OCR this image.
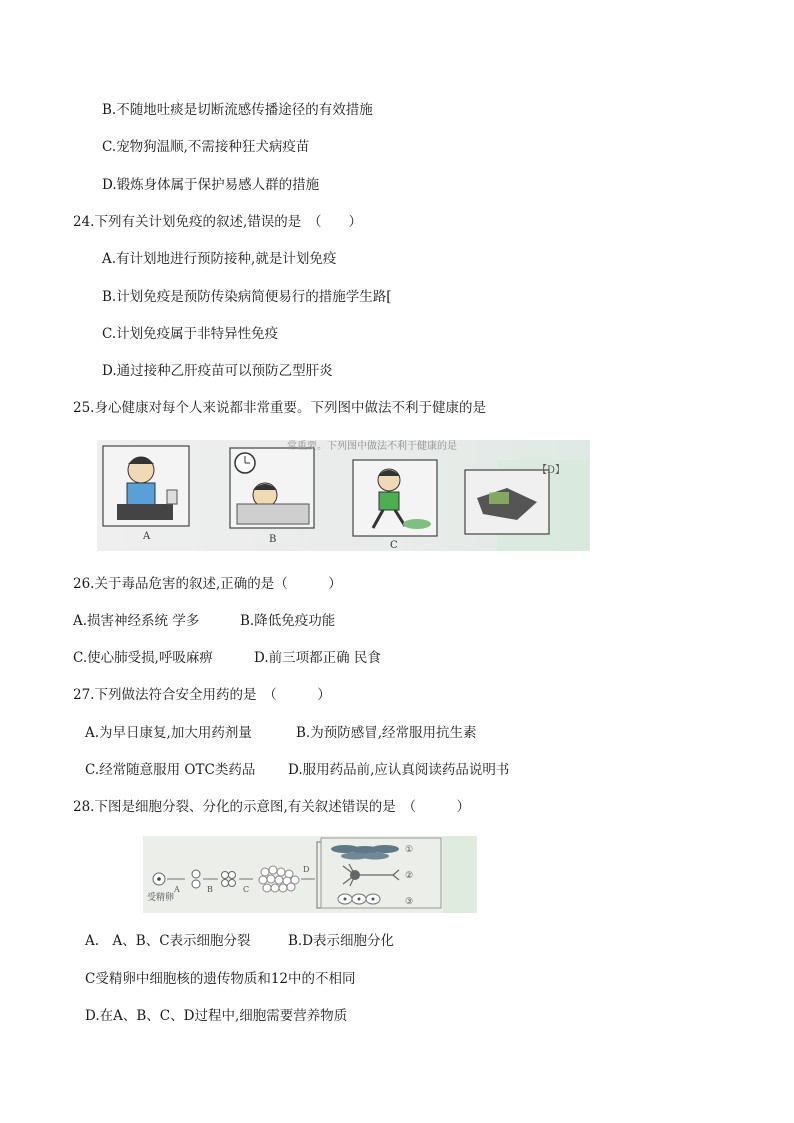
B.不随地吐痰是切断流感传播途径的有效措施
C.宠物狗温顺,不需接种狂犬病疫苗
D.锻炼身体属于保护易感人群的措施
24.下列有关计划免疫的叙述,错误的是　（　　）
A.有计划地进行预防接种,就是计划免疫
B.计划免疫是预防传染病简便易行的措施学生路[
C.计划免疫属于非特异性免疫
D.通过接种乙肝疫苗可以预防乙型肝炎
25.身心健康对每个人来说都非常重要。下列图中做法不利于健康的是
常重要。下列图中做法不利于健康的是
【D】
A	B
C
26.关于毒品危害的叙述,正确的是（　　　）
A.损害神经系统 学多	B.降低免疫功能
C.使心肺受损,呼吸麻痹	D.前三项都正确 民食
27.下列做法符合安全用药的是　（　　　）
A.为早日康复,加大用药剂量	B.为预防感冒,经常服用抗生素
C.经常随意服用 OTC类药品 D.服用药品前,应认真阅读药品说明书
28.下图是细胞分裂、分化的示意图,有关叙述错误的是　（　　　）
受精卵
A	B	C
D
①
②
③
A.　A、B、C表示细胞分裂	B.D表示细胞分化
C受精卵中细胞核的遗传物质和12中的不相同
D.在A、B、C、D过程中,细胞需要营养物质
